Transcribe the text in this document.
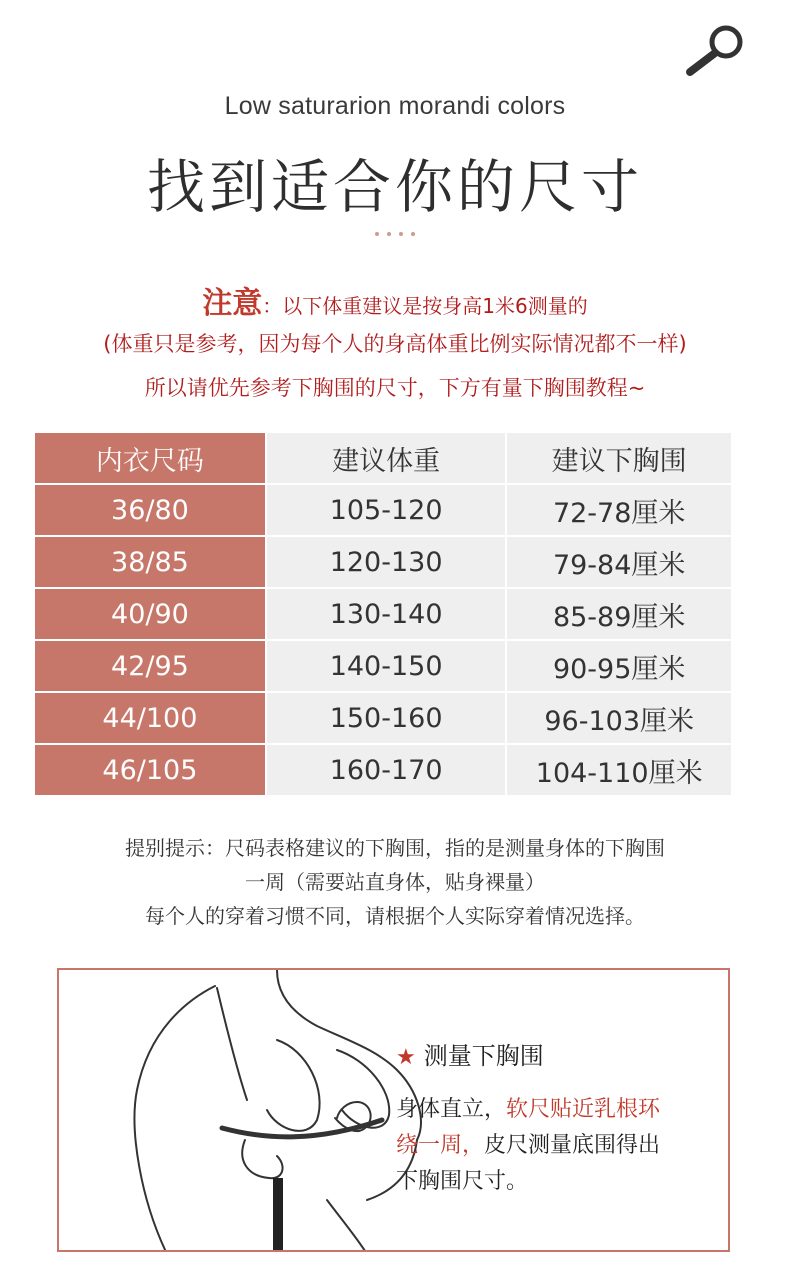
Low saturarion morandi colors
找到适合你的尺寸
注意：以下体重建议是按身高1米6测量的
(体重只是参考，因为每个人的身高体重比例实际情况都不一样)
所以请优先参考下胸围的尺寸，下方有量下胸围教程~
内衣尺码	建议体重	建议下胸围
36/80	105-120	72-78厘米
38/85	120-130	79-84厘米
40/90	130-140	85-89厘米
42/95	140-150	90-95厘米
44/100	150-160	96-103厘米
46/105	160-170	104-110厘米
提别提示：尺码表格建议的下胸围，指的是测量身体的下胸围
一周（需要站直身体，贴身裸量）
每个人的穿着习惯不同，请根据个人实际穿着情况选择。
★ 测量下胸围
身体直立，软尺贴近乳根环
绕一周，皮尺测量底围得出
下胸围尺寸。
